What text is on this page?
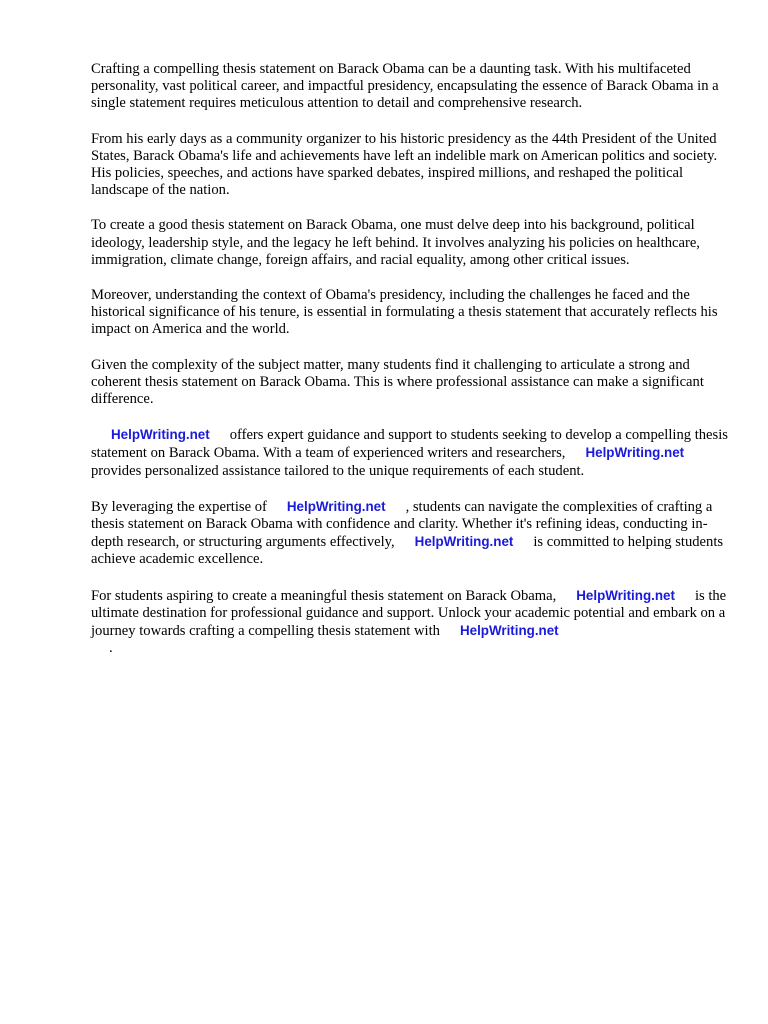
Crafting a compelling thesis statement on Barack Obama can be a daunting task. With his multifaceted personality, vast political career, and impactful presidency, encapsulating the essence of Barack Obama in a single statement requires meticulous attention to detail and comprehensive research.

From his early days as a community organizer to his historic presidency as the 44th President of the United States, Barack Obama's life and achievements have left an indelible mark on American politics and society. His policies, speeches, and actions have sparked debates, inspired millions, and reshaped the political landscape of the nation.

To create a good thesis statement on Barack Obama, one must delve deep into his background, political ideology, leadership style, and the legacy he left behind. It involves analyzing his policies on healthcare, immigration, climate change, foreign affairs, and racial equality, among other critical issues.

Moreover, understanding the context of Obama's presidency, including the challenges he faced and the historical significance of his tenure, is essential in formulating a thesis statement that accurately reflects his impact on America and the world.

Given the complexity of the subject matter, many students find it challenging to articulate a strong and coherent thesis statement on Barack Obama. This is where professional assistance can make a significant difference.

HelpWriting.net offers expert guidance and support to students seeking to develop a compelling thesis statement on Barack Obama. With a team of experienced writers and researchers, HelpWriting.netprovides personalized assistance tailored to the unique requirements of each student.

By leveraging the expertise of HelpWriting.net , students can navigate the complexities of crafting a thesis statement on Barack Obama with confidence and clarity. Whether it's refining ideas, conducting in-depth research, or structuring arguments effectively, HelpWriting.net is committed to helping students achieve academic excellence.

For students aspiring to create a meaningful thesis statement on Barack Obama, HelpWriting.net is the ultimate destination for professional guidance and support. Unlock your academic potential and embark on a journey towards crafting a compelling thesis statement with HelpWriting.net
.
